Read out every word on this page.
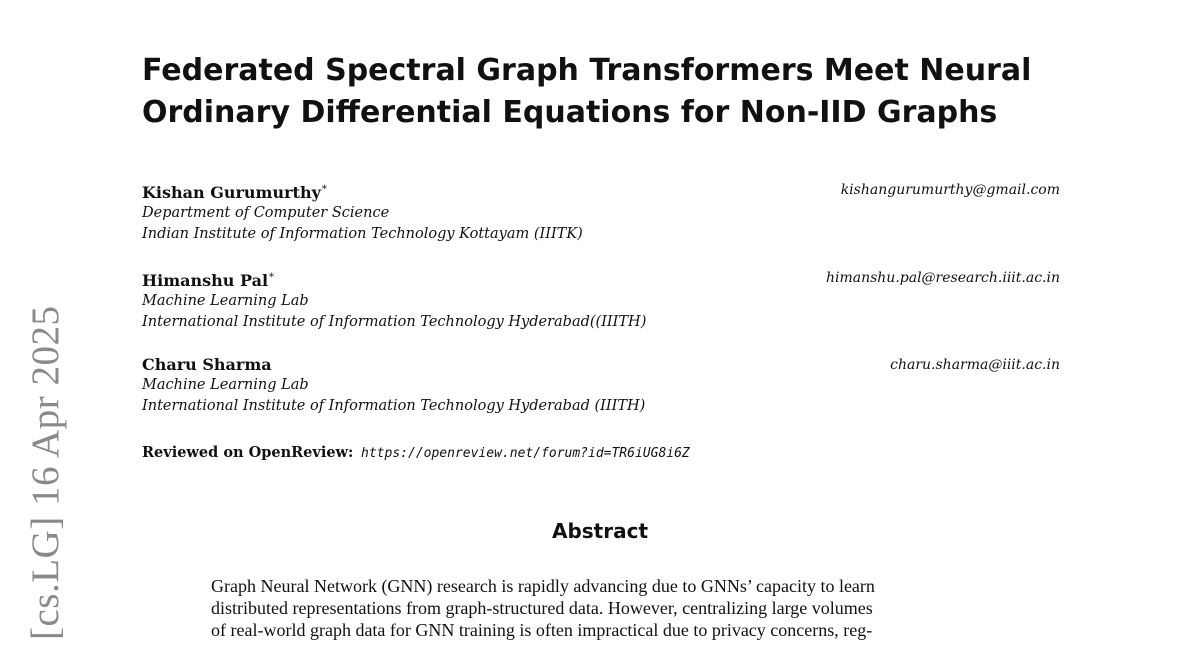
[cs.LG] 16 Apr 2025
Federated Spectral Graph Transformers Meet Neural
Ordinary Differential Equations for Non-IID Graphs
Kishan Gurumurthy*	kishangurumurthy@gmail.com
Department of Computer Science
Indian Institute of Information Technology Kottayam (IIITK)
Himanshu Pal*	himanshu.pal@research.iiit.ac.in
Machine Learning Lab
International Institute of Information Technology Hyderabad((IIITH)
Charu Sharma	charu.sharma@iiit.ac.in
Machine Learning Lab
International Institute of Information Technology Hyderabad (IIITH)
Reviewed on OpenReview: https://openreview.net/forum?id=TR6iUG8i6Z
Abstract
Graph Neural Network (GNN) research is rapidly advancing due to GNNs’ capacity to learn
distributed representations from graph-structured data. However, centralizing large volumes
of real-world graph data for GNN training is often impractical due to privacy concerns, reg-
